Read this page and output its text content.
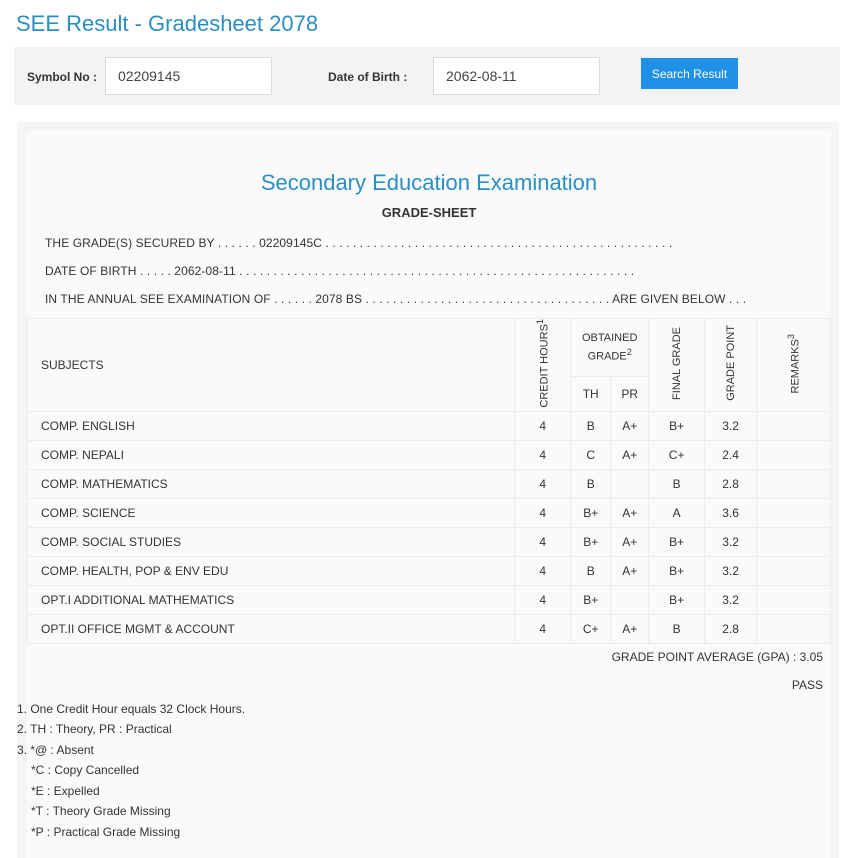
SEE Result - Gradesheet 2078
Symbol No :
02209145	Date of Birth :
2062-08-11	Search Result
Secondary Education Examination
GRADE-SHEET
THE GRADE(S) SECURED BY . . . . . . 02209145C . . . . . . . . . . . . . . . . . . . . . . . . . . . . . . . . . . . . . . . . . . . . . . . . . . .
DATE OF BIRTH . . . . . 2062-08-11 . . . . . . . . . . . . . . . . . . . . . . . . . . . . . . . . . . . . . . . . . . . . . . . . . . . . . . . . . .
IN THE ANNUAL SEE EXAMINATION OF . . . . . . 2078 BS . . . . . . . . . . . . . . . . . . . . . . . . . . . . . . . . . . . . ARE GIVEN BELOW . . .
SUBJECTS	CREDIT HOURS$^1$	OBTAINED GRADE$^2$		FINAL GRADE	GRADE POINT	REMARKS$^3$
		TH	PR			
COMP. ENGLISH	4	B	A+	B+	3.2	
COMP. NEPALI	4	C	A+	C+	2.4	
COMP. MATHEMATICS	4	B		B	2.8	
COMP. SCIENCE	4	B+	A+	A	3.6	
COMP. SOCIAL STUDIES	4	B+	A+	B+	3.2	
COMP. HEALTH, POP & ENV EDU	4	B	A+	B+	3.2	
OPT.I ADDITIONAL MATHEMATICS	4	B+		B+	3.2	
OPT.II OFFICE MGMT & ACCOUNT	4	C+	A+	B	2.8	
GRADE POINT AVERAGE (GPA) : 3.05
PASS
1. One Credit Hour equals 32 Clock Hours.
2. TH : Theory, PR : Practical
3. *@ : Absent
*C : Copy Cancelled
*E : Expelled
*T : Theory Grade Missing
*P : Practical Grade Missing
